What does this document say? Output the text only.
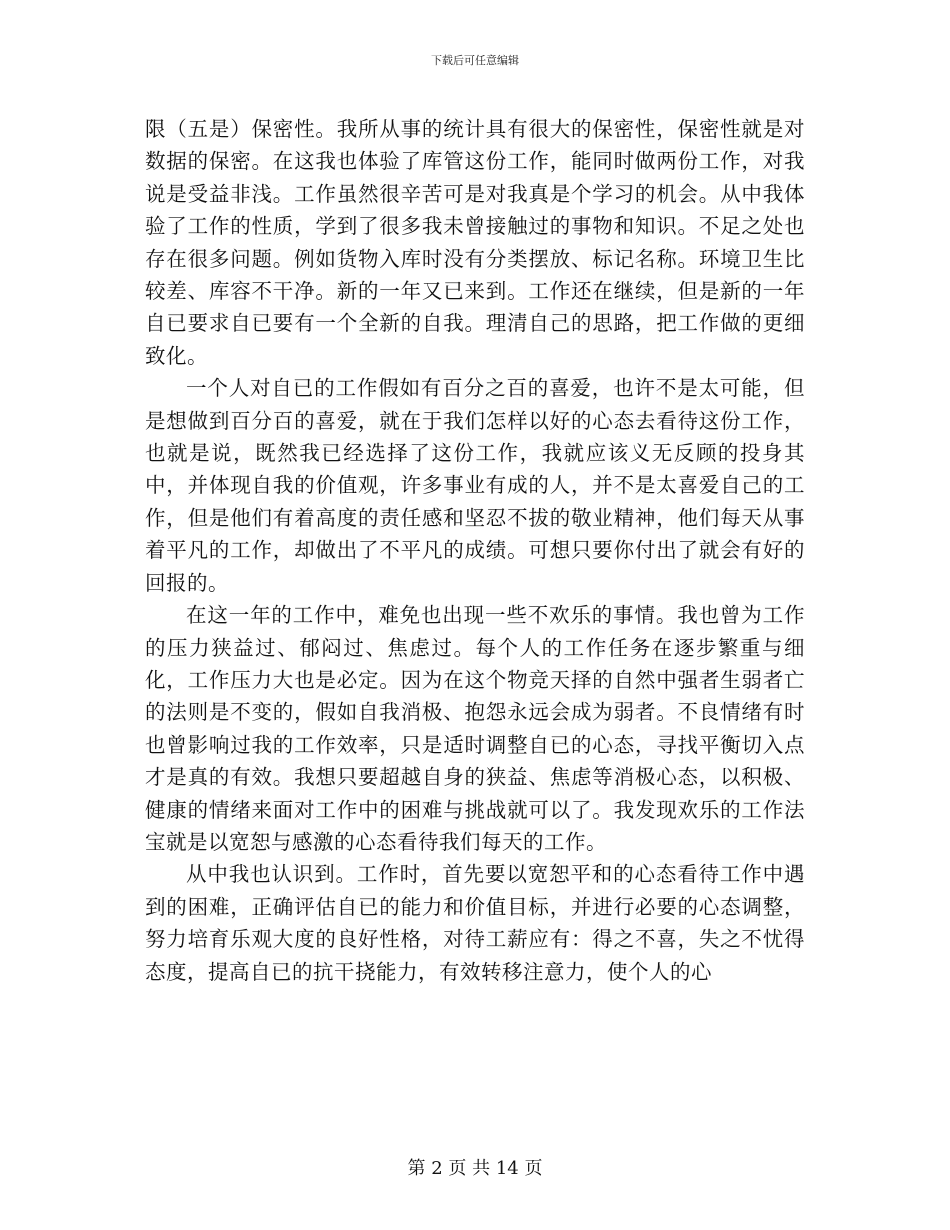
下载后可任意编辑

限（五是）保密性。我所从事的统计具有很大的保密性，保密性就是对数据的保密。在这我也体验了库管这份工作，能同时做两份工作，对我说是受益非浅。工作虽然很辛苦可是对我真是个学习的机会。从中我体验了工作的性质，学到了很多我未曾接触过的事物和知识。不足之处也存在很多问题。例如货物入库时没有分类摆放、标记名称。环境卫生比较差、库容不干净。新的一年又已来到。工作还在继续，但是新的一年自已要求自已要有一个全新的自我。理清自己的思路，把工作做的更细致化。

一个人对自已的工作假如有百分之百的喜爱，也许不是太可能，但是想做到百分百的喜爱，就在于我们怎样以好的心态去看待这份工作，也就是说，既然我已经选择了这份工作，我就应该义无反顾的投身其中，并体现自我的价值观，许多事业有成的人，并不是太喜爱自己的工作，但是他们有着高度的责任感和坚忍不拔的敬业精神，他们每天从事着平凡的工作，却做出了不平凡的成绩。可想只要你付出了就会有好的回报的。

在这一年的工作中，难免也出现一些不欢乐的事情。我也曾为工作的压力狭益过、郁闷过、焦虑过。每个人的工作任务在逐步繁重与细化，工作压力大也是必定。因为在这个物竞天择的自然中强者生弱者亡的法则是不变的，假如自我消极、抱怨永远会成为弱者。不良情绪有时也曾影响过我的工作效率，只是适时调整自已的心态，寻找平衡切入点才是真的有效。我想只要超越自身的狭益、焦虑等消极心态，以积极、健康的情绪来面对工作中的困难与挑战就可以了。我发现欢乐的工作法宝就是以宽恕与感激的心态看待我们每天的工作。

从中我也认识到。工作时，首先要以宽恕平和的心态看待工作中遇到的困难，正确评估自已的能力和价值目标，并进行必要的心态调整，努力培育乐观大度的良好性格，对待工薪应有：得之不喜，失之不忧得态度，提高自已的抗干挠能力，有效转移注意力，使个人的心

第 2 页 共 14 页
